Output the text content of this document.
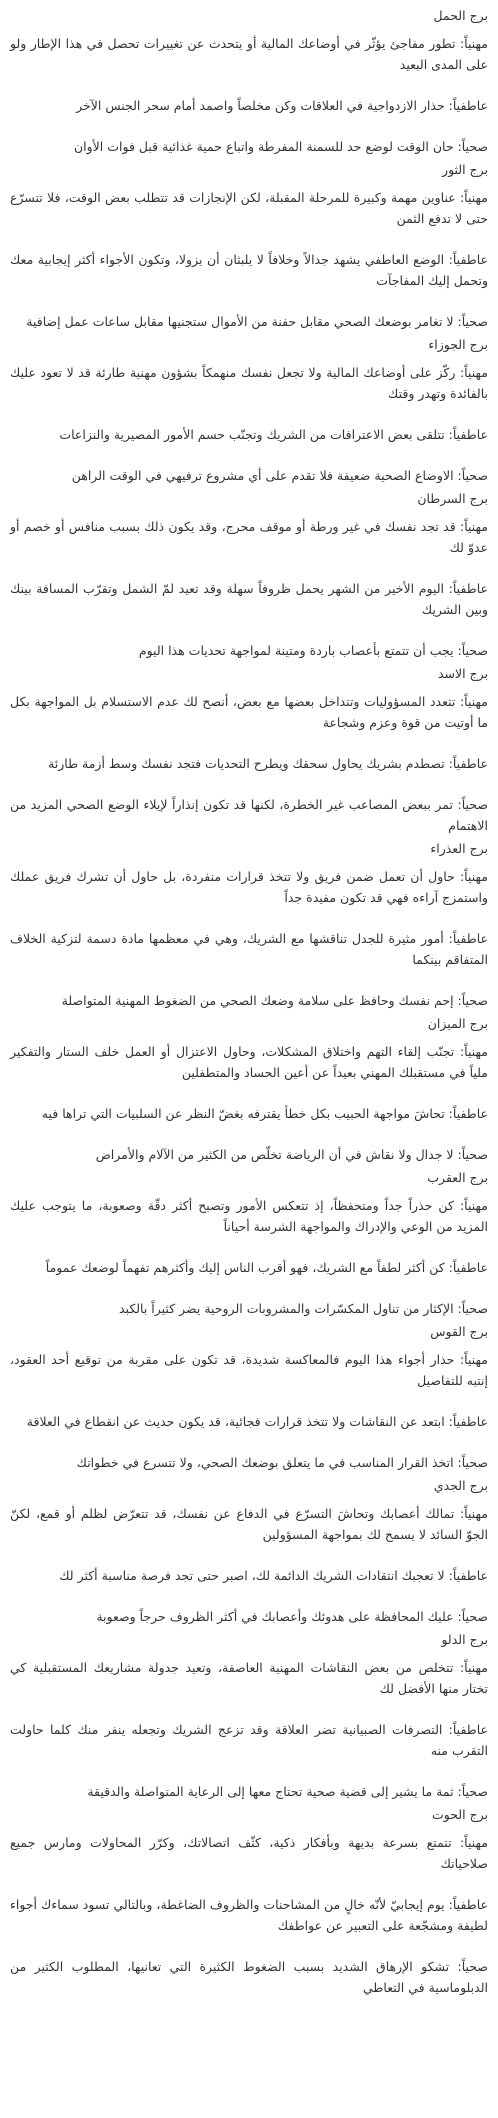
برج الحمل

مهنياً: تطور مفاجئ يؤثّر في أوضاعك المالية أو يتحدث عن تغييرات تحصل في هذا الإطار ولو على المدى البعيد

عاطفياً: حذار الازدواجية في العلاقات وكن مخلصاً واصمد أمام سحر الجنس الآخر

صحياً: حان الوقت لوضع حد للسمنة المفرطة واتباع حمية غذائية قبل فوات الأوان

برج الثور

مهنياً: عناوين مهمة وكبيرة للمرحلة المقبلة، لكن الإنجازات قد تتطلب بعض الوقت، فلا تتسرّع حتى لا تدفع الثمن

عاطفياً: الوضع العاطفي يشهد جدالاً وخلافاً لا يلبثان أن يزولا، وتكون الأجواء أكثر إيجابية معك وتحمل إليك المفاجآت

صحياً: لا تغامر بوضعك الصحي مقابل حفنة من الأموال ستجنيها مقابل ساعات عمل إضافية

برج الجوزاء

مهنياً: ركّز على أوضاعك المالية ولا تجعل نفسك منهمكاً بشؤون مهنية طارئة قد لا تعود عليك بالفائدة وتهدر وقتك

عاطفياً: تتلقى بعض الاعترافات من الشريك وتجنّب حسم الأمور المصيرية والنزاعات

صحياً: الاوضاع الصحية ضعيفة فلا تقدم على أي مشروع ترفيهي في الوقت الراهن

برج السرطان

مهنياً: قد تجد نفسك في غير ورطة أو موقف محرج، وقد يكون ذلك بسبب منافس أو خصم أو عدوّ لك

عاطفياً: اليوم الأخير من الشهر يحمل ظروفاً سهلة وقد تعيد لمّ الشمل وتقرّب المسافة بينك وبين الشريك

صحياً: يجب أن تتمتع بأعصاب باردة ومتينة لمواجهة تحديات هذا اليوم

برج الاسد

مهنياً: تتعدد المسؤوليات وتتداخل بعضها مع بعض، أنصح لك عدم الاستسلام بل المواجهة بكل ما أوتيت من قوة وعزم وشجاعة

عاطفياً: تصطدم بشريك يحاول سحقك ويطرح التحديات فتجد نفسك وسط أزمة طارئة

صحياً: تمر ببعض المصاعب غير الخطرة، لكنها قد تكون إنذاراً لإيلاء الوضع الصحي المزيد من الاهتمام

برج العذراء

مهنياً: حاول أن تعمل ضمن فريق ولا تتخذ قرارات منفردة، بل حاول أن تشرك فريق عملك واستمزج آراءه فهي قد تكون مفيدة جداً

عاطفياً: أمور مثيرة للجدل تناقشها مع الشريك، وهي في معظمها مادة دسمة لتزكية الخلاف المتفاقم بينكما

صحياً: إحم نفسك وحافظ على سلامة وضعك الصحي من الضغوط المهنية المتواصلة

برج الميزان

مهنياً: تجنّب إلقاء التهم واختلاق المشكلات، وحاول الاعتزال أو العمل خلف الستار والتفكير ملياً في مستقبلك المهني بعيداً عن أعين الحساد والمتطفلين

عاطفياً: تحاشَ مواجهة الحبيب بكل خطأ يقترفه بغضّ النظر عن السلبيات التي تراها فيه

صحياً: لا جدال ولا نقاش في أن الرياضة تخلّص من الكثير من الآلام والأمراض

برج العقرب

مهنياً: كن حذراً جداً ومتحفظاً، إذ تتعكس الأمور وتصبح أكثر دقّة وصعوبة، ما يتوجب عليك المزيد من الوعي والإدراك والمواجهة الشرسة أحياناً

عاطفياً: كن أكثر لطفاً مع الشريك، فهو أقرب الناس إليك وأكثرهم تفهماً لوضعك عموماً

صحياً: الإكثار من تناول المكسّرات والمشروبات الروحية يضر كثيراً بالكبد

برج القوس

مهنياً: حذار أجواء هذا اليوم فالمعاكسة شديدة، قد تكون على مقربة من توقيع أحد العقود، إنتبه للتفاصيل

عاطفياً: ابتعد عن النقاشات ولا تتخذ قرارات فجائية، قد يكون حديث عن انقطاع في العلاقة

صحياً: اتخذ القرار المناسب في ما يتعلق بوضعك الصحي، ولا تتسرع في خطواتك

برج الجدي

مهنياً: تمالك أعصابك وتحاشَ التسرّع في الدفاع عن نفسك، قد تتعرّض لظلم أو قمع، لكنّ الجوّ السائد لا يسمح لك بمواجهة المسؤولين

عاطفياً: لا تعجبك انتقادات الشريك الدائمة لك، اصبر حتى تجد فرصة مناسبة أكثر لك

صحياً: عليك المحافظة على هدوئك وأعصابك في أكثر الظروف حرجاً وصعوبة

برج الدلو

مهنياً: تتخلص من بعض النقاشات المهنية العاصفة، وتعيد جدولة مشاريعك المستقبلية كي تختار منها الأفضل لك

عاطفياً: التصرفات الصبيانية تضر العلاقة وقد تزعج الشريك وتجعله ينفر منك كلما حاولت التقرب منه

صحياً: ثمة ما يشير إلى قضية صحية تحتاج معها إلى الرعاية المتواصلة والدقيقة

برج الحوت

مهنياً: تتمتع بسرعة بديهة وبأفكار ذكية، كثّف اتصالاتك، وكرّر المحاولات ومارس جميع صلاحياتك

عاطفياً: يوم إيجابيّ لأنّه خالٍ من المشاحنات والظروف الضاغطة، وبالتالي تسود سماءك أجواء لطيفة ومشجّعة على التعبير عن عواطفك

صحياً: تشكو الإرهاق الشديد بسبب الضغوط الكثيرة التي تعانيها، المطلوب الكثير من الدبلوماسية في التعاطي
